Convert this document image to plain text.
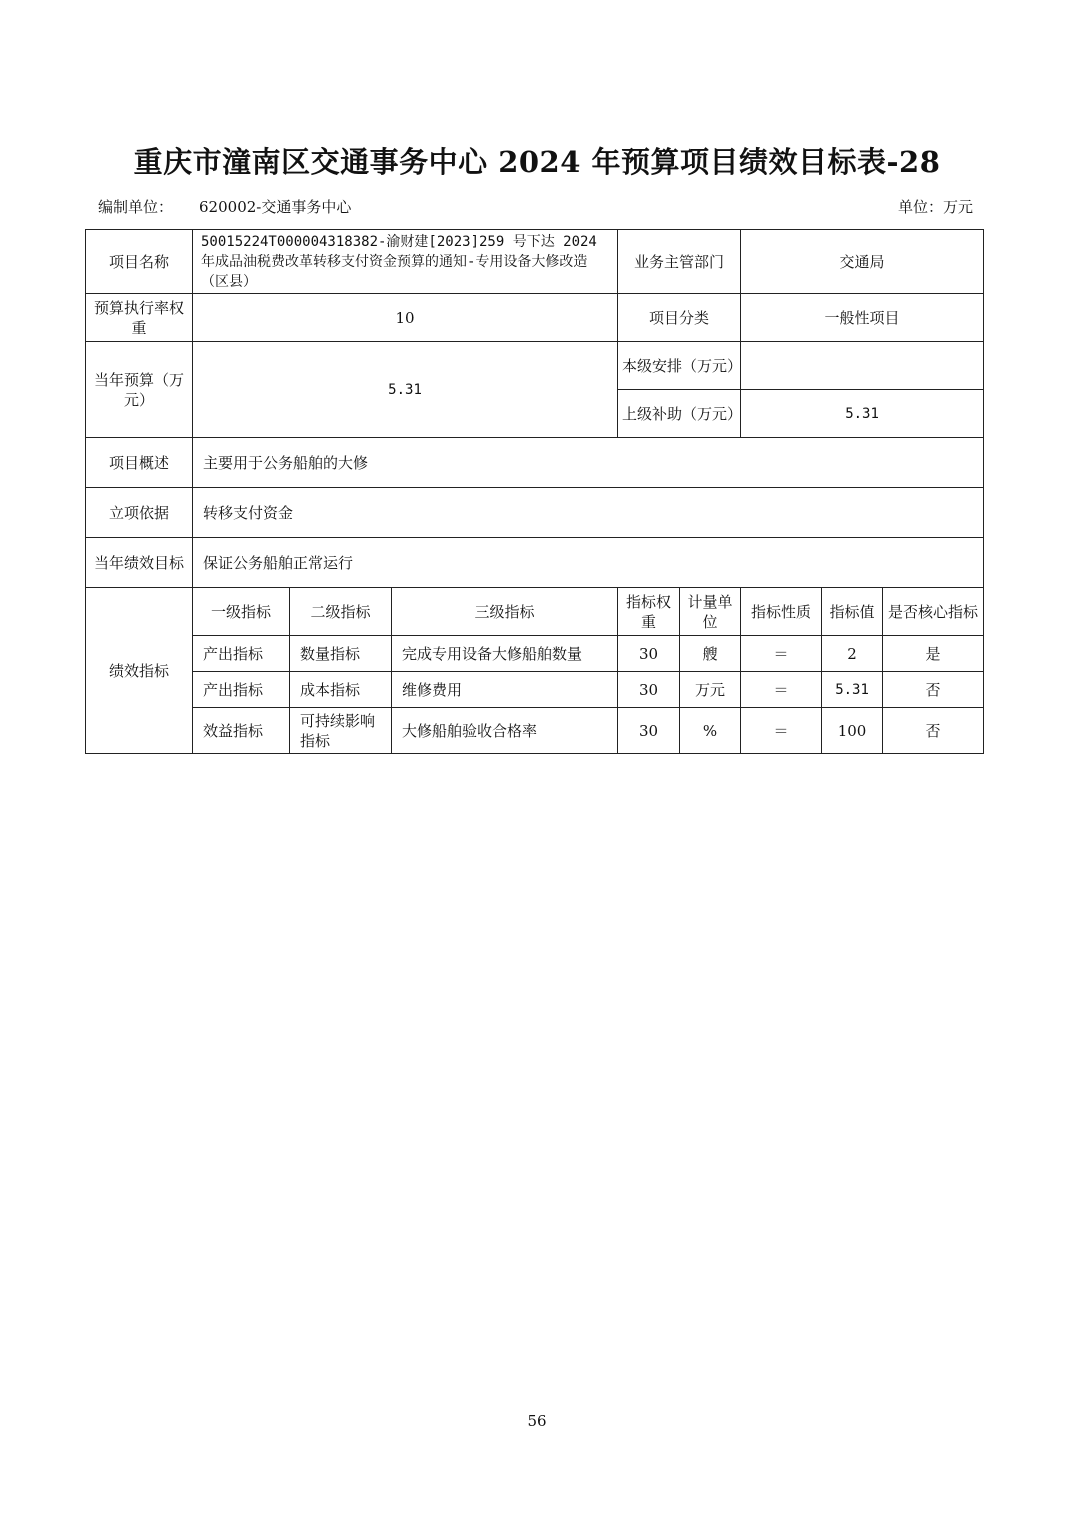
重庆市潼南区交通事务中心 2024 年预算项目绩效目标表-28
编制单位： 620002-交通事务中心	单位：万元
项目名称	50015224T000004318382-渝财建[2023]259 号下达 2024 年成品油税费改革转移支付资金预算的通知-专用设备大修改造（区县）			业务主管部门		交通局		
预算执行率权重	10			项目分类		一般性项目		
当年预算（万元）	5.31			本级安排（万元）				
				上级补助（万元）		5.31		
项目概述	主要用于公务船舶的大修							
立项依据	转移支付资金							
当年绩效目标	保证公务船舶正常运行							
绩效指标	一级指标	二级指标	三级指标	指标权重	计量单位	指标性质	指标值	是否核心指标
	产出指标	数量指标	完成专用设备大修船舶数量	30	艘	＝	2	是
	产出指标	成本指标	维修费用	30	万元	＝	5.31	否
	效益指标	可持续影响指标	大修船舶验收合格率	30	%	＝	100	否
56
